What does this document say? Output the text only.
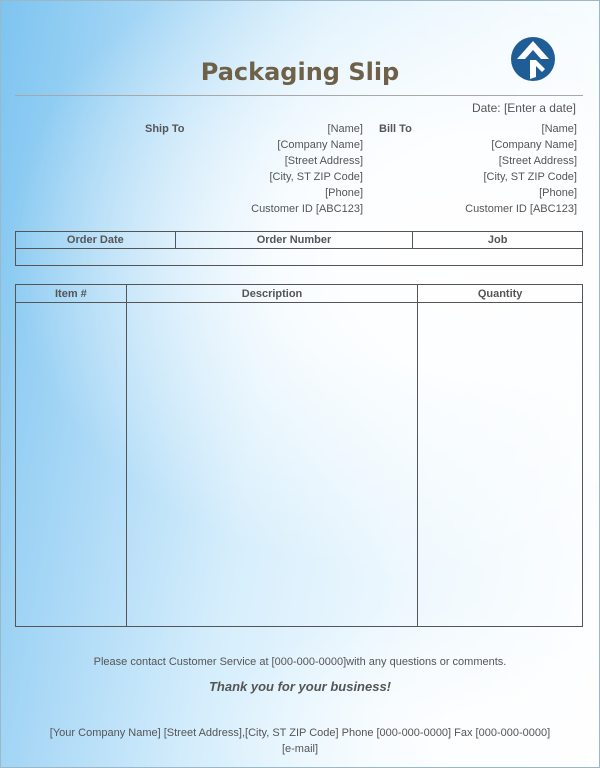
Packaging Slip
Date: [Enter a date]
Ship To	[Name]
[Company Name]
[Street Address]
[City, ST ZIP Code]
[Phone]
Customer ID [ABC123]
Bill To	[Name]
[Company Name]
[Street Address]
[City, ST ZIP Code]
[Phone]
Customer ID [ABC123]
Order Date	Order Number	Job

Item #	Description	Quantity

Please contact Customer Service at [000-000-0000]with any questions or comments.
Thank you for your business!
[Your Company Name] [Street Address],[City, ST ZIP Code] Phone [000-000-0000] Fax [000-000-0000]
[e-mail]
